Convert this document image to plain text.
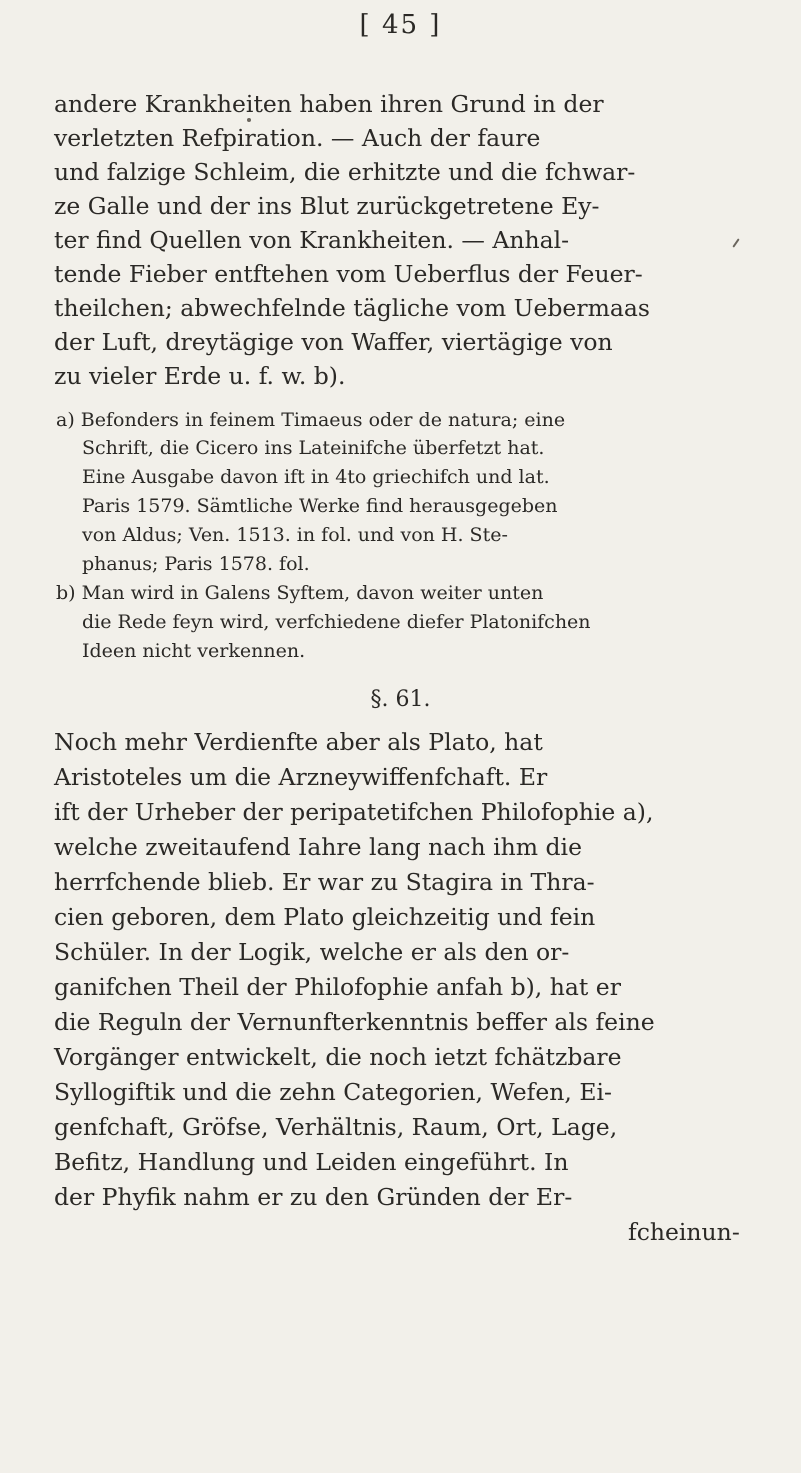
[ 45 ]
andere Krankheiten haben ihren Grund in der
verletzten Refpiration. — Auch der faure
und falzige Schleim, die erhitzte und die fchwar-
ze Galle und der ins Blut zurückgetretene Ey-
ter find Quellen von Krankheiten. — Anhal-
tende Fieber entftehen vom Ueberflus der Feuer-
theilchen; abwechfelnde tägliche vom Uebermaas
der Luft, dreytägige von Waffer, viertägige von
zu vieler Erde u. f. w. b).
a) Befonders in feinem Timaeus oder de natura; eine
Schrift, die Cicero ins Lateinifche überfetzt hat.
Eine Ausgabe davon ift in 4to griechifch und lat.
Paris 1579. Sämtliche Werke find herausgegeben
von Aldus; Ven. 1513. in fol. und von H. Ste-
phanus; Paris 1578. fol.
b) Man wird in Galens Syftem, davon weiter unten
die Rede feyn wird, verfchiedene diefer Platonifchen
Ideen nicht verkennen.
§. 61.
Noch mehr Verdienfte aber als Plato, hat
Aristoteles um die Arzneywiffenfchaft. Er
ift der Urheber der peripatetifchen Philofophie a),
welche zweitaufend Iahre lang nach ihm die
herrfchende blieb. Er war zu Stagira in Thra-
cien geboren, dem Plato gleichzeitig und fein
Schüler. In der Logik, welche er als den or-
ganifchen Theil der Philofophie anfah b), hat er
die Reguln der Vernunfterkenntnis beffer als feine
Vorgänger entwickelt, die noch ietzt fchätzbare
Syllogiftik und die zehn Categorien, Wefen, Ei-
genfchaft, Gröfse, Verhältnis, Raum, Ort, Lage,
Befitz, Handlung und Leiden eingeführt. In
der Phyfik nahm er zu den Gründen der Er-
fcheinun-
